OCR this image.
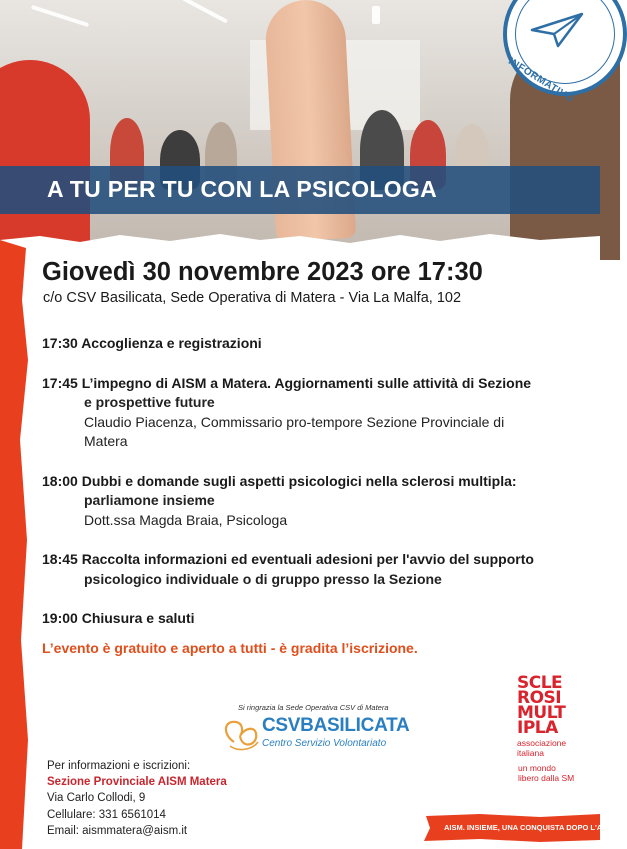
A TU PER TU CON LA PSICOLOGA
INFORMATIVO
Giovedì 30 novembre 2023 ore 17:30
c/o CSV Basilicata, Sede Operativa di Matera - Via La Malfa, 102
17:30 Accoglienza e registrazioni
17:45 L’impegno di AISM a Matera. Aggiornamenti sulle attività di Sezione
e prospettive future
Claudio Piacenza, Commissario pro-tempore Sezione Provinciale di
Matera
18:00 Dubbi e domande sugli aspetti psicologici nella sclerosi multipla:
parliamone insieme
Dott.ssa Magda Braia, Psicologa
18:45 Raccolta informazioni ed eventuali adesioni per l'avvio del supporto
psicologico individuale o di gruppo presso la Sezione
19:00 Chiusura e saluti
L’evento è gratuito e aperto a tutti - è gradita l’iscrizione.
Si ringrazia la Sede Operativa CSV di Matera
CSVBASILICATA
Centro Servizio Volontariato
Per informazioni e iscrizioni:
Sezione Provinciale AISM Matera
Via Carlo Collodi, 9
Cellulare: 331 6561014
Email: aismmatera@aism.it
SCLE
ROSI
MULT
IPLA
associazione
italiana
un mondo
libero dalla SM
AISM. INSIEME, UNA CONQUISTA DOPO L'ALTRA
